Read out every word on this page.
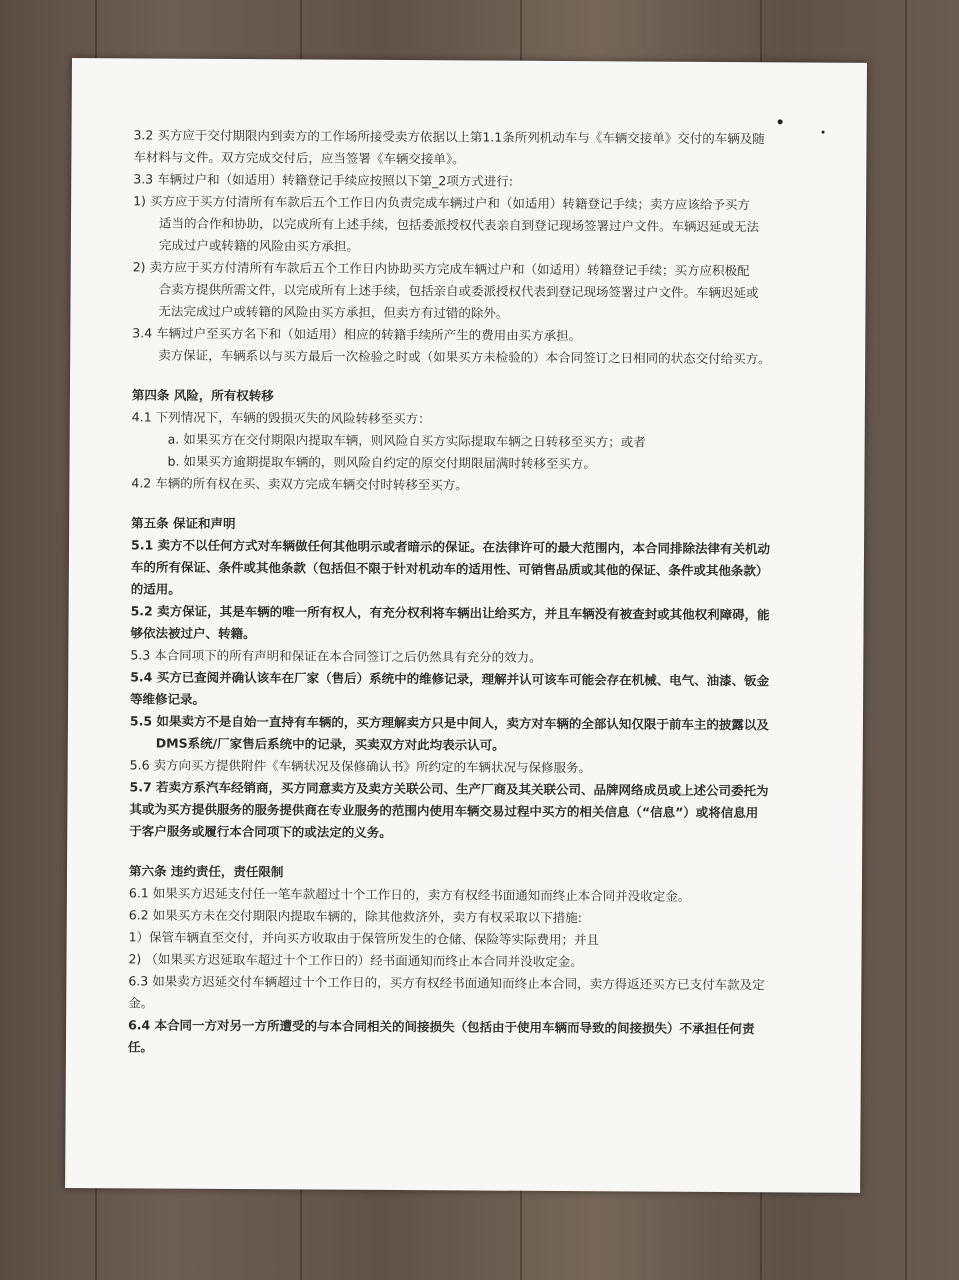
3.2 买方应于交付期限内到卖方的工作场所接受卖方依据以上第1.1条所列机动车与《车辆交接单》交付的车辆及随

车材料与文件。双方完成交付后，应当签署《车辆交接单》。

3.3 车辆过户和（如适用）转籍登记手续应按照以下第_2项方式进行:

1) 买方应于买方付清所有车款后五个工作日内负责完成车辆过户和（如适用）转籍登记手续；卖方应该给予买方

适当的合作和协助，以完成所有上述手续，包括委派授权代表亲自到登记现场签署过户文件。车辆迟延或无法

完成过户或转籍的风险由买方承担。

2) 卖方应于买方付清所有车款后五个工作日内协助买方完成车辆过户和（如适用）转籍登记手续；买方应积极配

合卖方提供所需文件，以完成所有上述手续，包括亲自或委派授权代表到登记现场签署过户文件。车辆迟延或

无法完成过户或转籍的风险由买方承担，但卖方有过错的除外。

3.4 车辆过户至买方名下和（如适用）相应的转籍手续所产生的费用由买方承担。

卖方保证，车辆系以与买方最后一次检验之时或（如果买方未检验的）本合同签订之日相同的状态交付给买方。

第四条 风险，所有权转移

4.1 下列情况下，车辆的毁损灭失的风险转移至买方：

a. 如果买方在交付期限内提取车辆，则风险自买方实际提取车辆之日转移至买方；或者

b. 如果买方逾期提取车辆的，则风险自约定的原交付期限届满时转移至买方。

4.2 车辆的所有权在买、卖双方完成车辆交付时转移至买方。

第五条 保证和声明

5.1 卖方不以任何方式对车辆做任何其他明示或者暗示的保证。在法律许可的最大范围内，本合同排除法律有关机动

车的所有保证、条件或其他条款（包括但不限于针对机动车的适用性、可销售品质或其他的保证、条件或其他条款）

的适用。

5.2 卖方保证，其是车辆的唯一所有权人，有充分权利将车辆出让给买方，并且车辆没有被查封或其他权利障碍，能

够依法被过户、转籍。

5.3 本合同项下的所有声明和保证在本合同签订之后仍然具有充分的效力。

5.4 买方已查阅并确认该车在厂家（售后）系统中的维修记录，理解并认可该车可能会存在机械、电气、油漆、钣金

等维修记录。

5.5 如果卖方不是自始一直持有车辆的，买方理解卖方只是中间人，卖方对车辆的全部认知仅限于前车主的披露以及

DMS系统/厂家售后系统中的记录，买卖双方对此均表示认可。

5.6 卖方向买方提供附件《车辆状况及保修确认书》所约定的车辆状况与保修服务。

5.7 若卖方系汽车经销商，买方同意卖方及卖方关联公司、生产厂商及其关联公司、品牌网络成员或上述公司委托为

其或为买方提供服务的服务提供商在专业服务的范围内使用车辆交易过程中买方的相关信息（“信息”）或将信息用

于客户服务或履行本合同项下的或法定的义务。

第六条 违约责任，责任限制

6.1 如果买方迟延支付任一笔车款超过十个工作日的，卖方有权经书面通知而终止本合同并没收定金。

6.2 如果买方未在交付期限内提取车辆的，除其他救济外，卖方有权采取以下措施:

1）保管车辆直至交付，并向买方收取由于保管所发生的仓储、保险等实际费用；并且

2) （如果买方迟延取车超过十个工作日的）经书面通知而终止本合同并没收定金。

6.3 如果卖方迟延交付车辆超过十个工作日的，买方有权经书面通知而终止本合同，卖方得返还买方已支付车款及定

金。

6.4 本合同一方对另一方所遭受的与本合同相关的间接损失（包括由于使用车辆而导致的间接损失）不承担任何责

任。
